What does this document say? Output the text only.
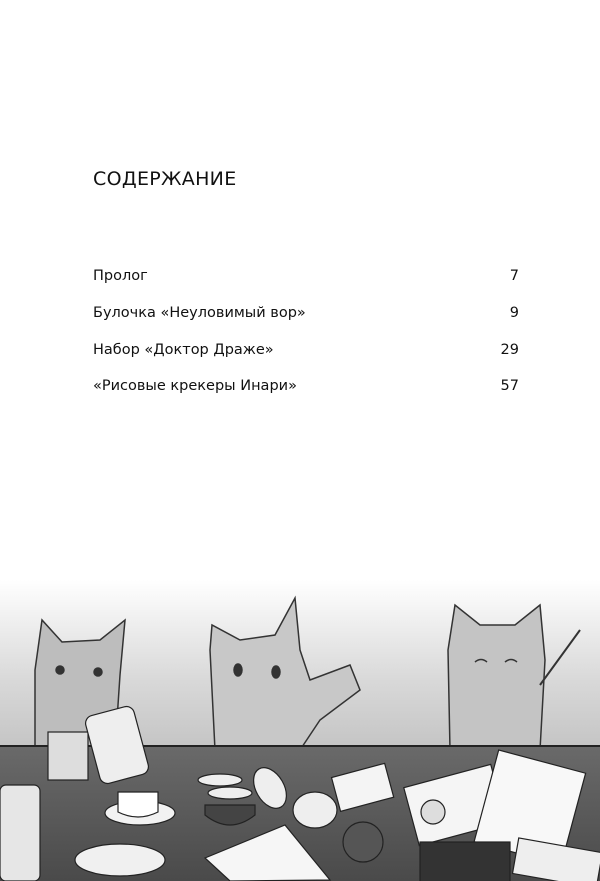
СОДЕРЖАНИЕ
Пролог	7
Булочка «Неуловимый вор»	9
Набор «Доктор Драже»	29
«Рисовые крекеры Инари»	57
